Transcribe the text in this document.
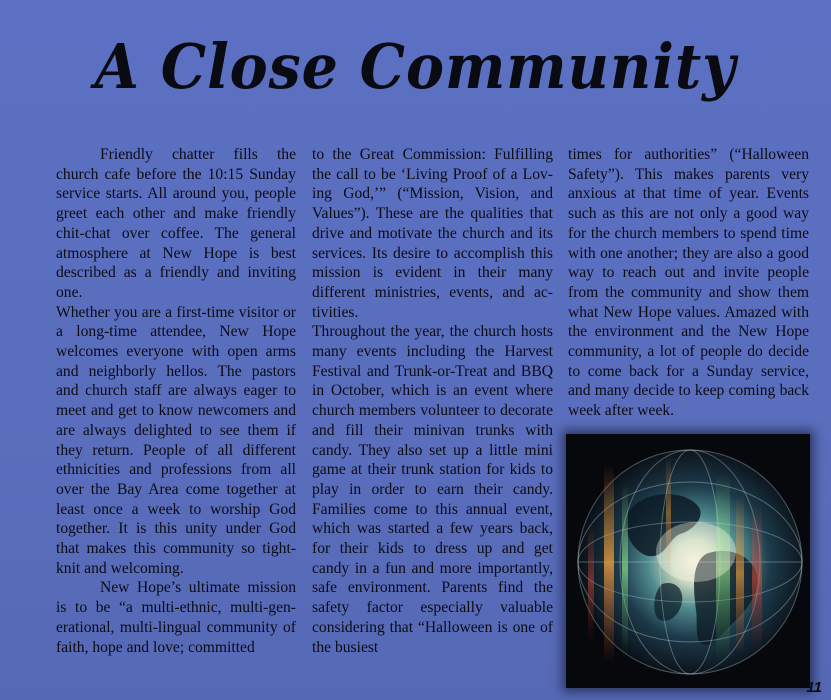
A Close Community

Friendly chatter fills the church cafe before the 10:15 Sunday service starts. All around you, people greet each other and make friendly chit-chat over coffee. The general atmosphere at New Hope is best described as a friendly and inviting one.

Whether you are a first-time visitor or a long-time attendee, New Hope welcomes everyone with open arms and neighborly hellos. The pastors and church staff are always eager to meet and get to know newcomers and are always delighted to see them if they return. People of all different ethnicities and professions from all over the Bay Area come together at least once a week to worship God together. It is this unity under God that makes this community so tight-knit and welcoming.

New Hope’s ultimate mission is to be “a multi-ethnic, multi-generational, multi-lingual community of faith, hope and love; committed

to the Great Commission: Fulfilling the call to be ‘Living Proof of a Loving God,’” (“Mission, Vision, and Values”). These are the qualities that drive and motivate the church and its services. Its desire to accomplish this mission is evident in their many different ministries, events, and activities.

Throughout the year, the church hosts many events including the Harvest Festival and Trunk-or-Treat and BBQ in October, which is an event where church members volunteer to decorate and fill their minivan trunks with candy. They also set up a little mini game at their trunk station for kids to play in order to earn their candy. Families come to this annual event, which was started a few years back, for their kids to dress up and get candy in a fun and more importantly, safe environment. Parents find the safety factor especially valuable considering that “Halloween is one of the busiest

times for authorities” (“Halloween Safety”). This makes parents very anxious at that time of year. Events such as this are not only a good way for the church members to spend time with one another; they are also a good way to reach out and invite people from the community and show them what New Hope values. Amazed with the environment and the New Hope community, a lot of people do decide to come back for a Sunday service, and many decide to keep coming back week after week.

11
